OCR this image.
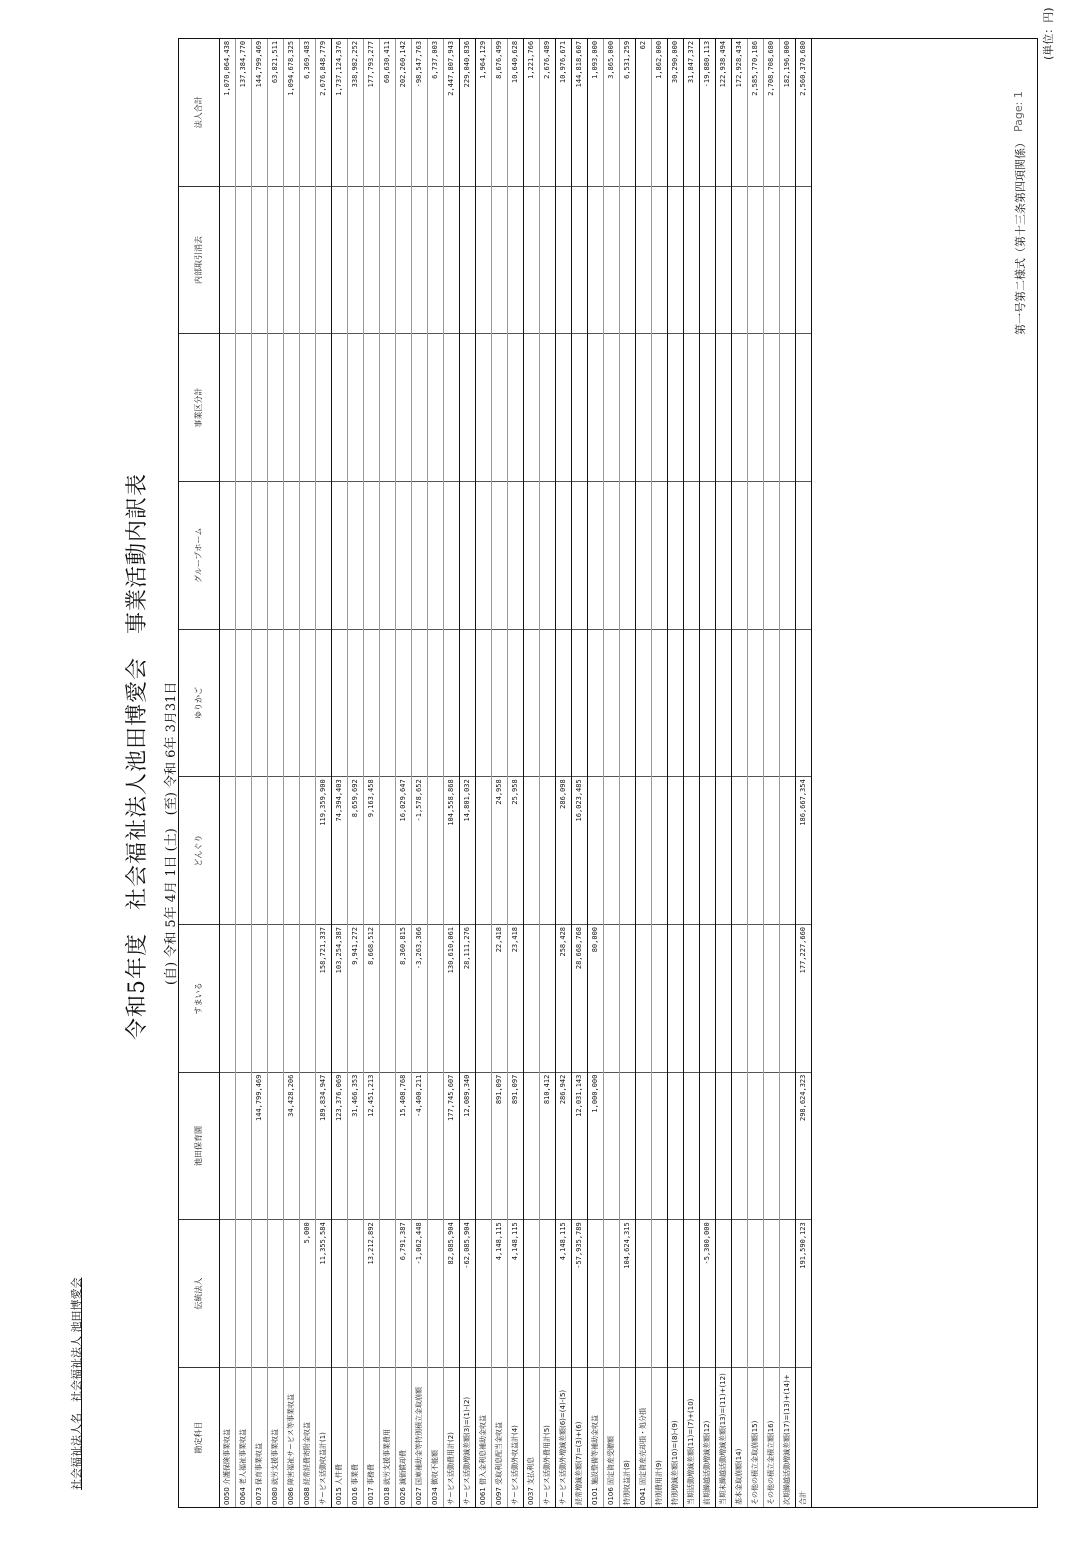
社会福祉法人名　社会福祉法人 池田博愛会
令和5年度　社会福祉法人池田博愛会　事業活動内訳表	(自) 令和 5年 4月 1日 (土)　(至) 令和 6年 3月31日
第一号第二様式（第十三条第四項関係）
Page: 1
(単位：円)
勘定科目
伝統法人
池田保育園
すまいる
どんぐり
ゆりかご
グループホーム
事業区分計
内部取引消去
法人合計
0050 介護保険事業収益
1,070,064,438
0064 老人福祉事業収益
137,384,770
0073 保育事業収益
144,799,469
144,799,469
0080 就労支援事業収益
63,821,511
0086 障害福祉サービス等事業収益
34,428,206
1,094,678,325
0088 経常経費寄附金収益
5,000
6,369,483
サービス活動収益計(1)
11,355,584
189,834,947
158,721,337
119,359,900
2,676,848,779
0015 人件費
123,376,069
103,254,387
74,394,403
1,737,124,376
0016 事業費
31,466,353
9,941,272
8,659,692
338,982,252
0017 事務費
13,212,892
12,451,213
8,668,512
9,163,458
177,793,277
0018 就労支援事業費用
60,630,411
0026 減価償却費
6,791,387
15,408,768
8,360,815
16,029,647
202,260,142
0027 国庫補助金等特別積立金取崩額
-1,062,448
-4,400,211
-3,263,366
-1,578,652
-98,547,763
0034 徴収不能額
6,737,003
サービス活動費用計(2)
82,085,904
177,745,607
130,610,061
104,558,868
2,447,807,943
サービス活動増減差額(3)=(1)-(2)
-62,085,904
12,089,340
28,111,276
14,801,032
229,040,836
0061 借入金利息補助金収益
1,964,129
0097 受取利息配当金収益
4,148,115
891,097
22,418
24,958
8,676,499
サービス活動外収益計(4)
4,148,115
891,097
23,418
25,958
10,640,628
0037 支払利息
1,221,766
サービス活動外費用計(5)
810,412
2,676,489
サービス活動外増減差額(6)=(4)-(5)
4,148,115
286,942
258,428
286,098
10,976,671
経常増減差額(7)=(3)+(6)
-57,935,789
12,031,143
28,668,768
16,023,485
144,818,607
0101 施設整備等補助金収益
1,000,000
80,000
1,093,000
0106 固定資産受贈額
3,865,000
特別収益計(8)
104,624,315
6,531,259
0041 固定資産売却損・処分損
62
特別費用計(9)
1,862,000
特別増減差額(10)=(8)-(9)
30,290,000
当期活動増減差額(11)=(7)+(10)
31,847,372
前期繰越活動増減差額(12)
-5,300,000
-19,880,113
当期末繰越活動増減差額(13)=(11)+(12)
122,938,494
基本金取崩額(14)
172,928,434
その他の積立金取崩額(15)
2,585,770,186
その他の積立金積立額(16)
2,708,708,680
次期繰越活動増減差額(17)=(13)+(14)+
182,196,000
合計
191,590,123
298,624,323
177,227,660
186,667,354
2,560,370,680
